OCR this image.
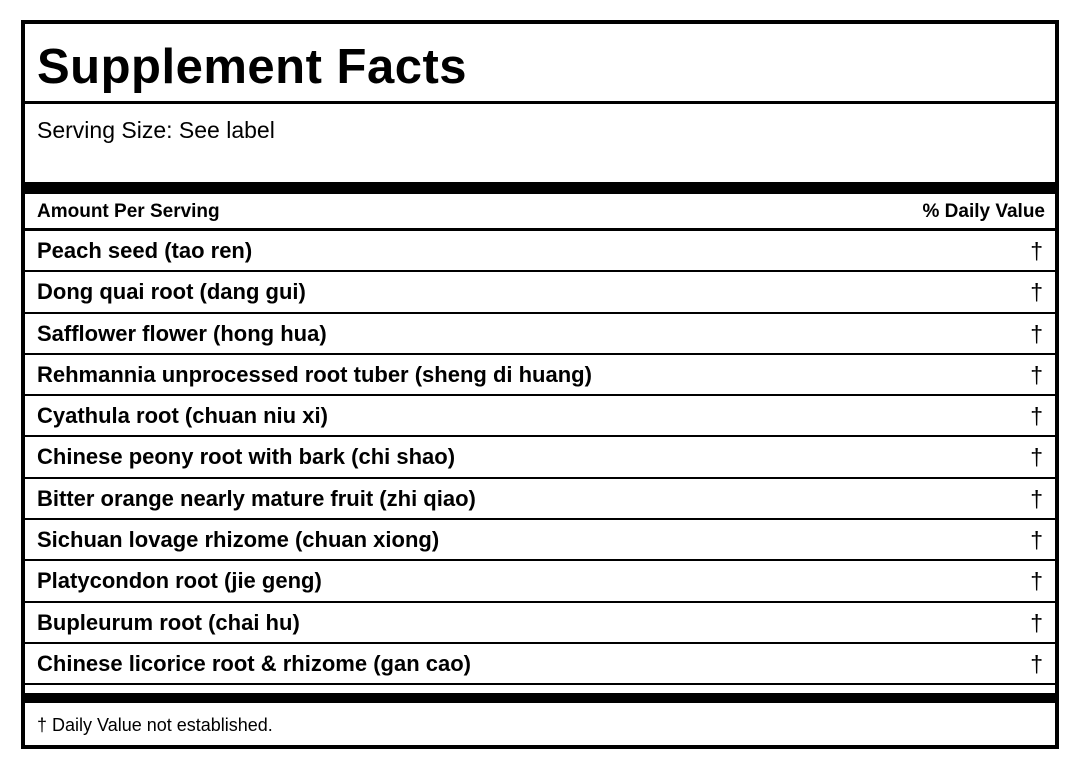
Supplement Facts
Serving Size: See label
Amount Per Serving	% Daily Value
Peach seed (tao ren)	†
Dong quai root (dang gui)	†
Safflower flower (hong hua)	†
Rehmannia unprocessed root tuber (sheng di huang)	†
Cyathula root (chuan niu xi)	†
Chinese peony root with bark (chi shao)	†
Bitter orange nearly mature fruit (zhi qiao)	†
Sichuan lovage rhizome (chuan xiong)	†
Platycondon root (jie geng)	†
Bupleurum root (chai hu)	†
Chinese licorice root & rhizome (gan cao)	†
† Daily Value not established.
